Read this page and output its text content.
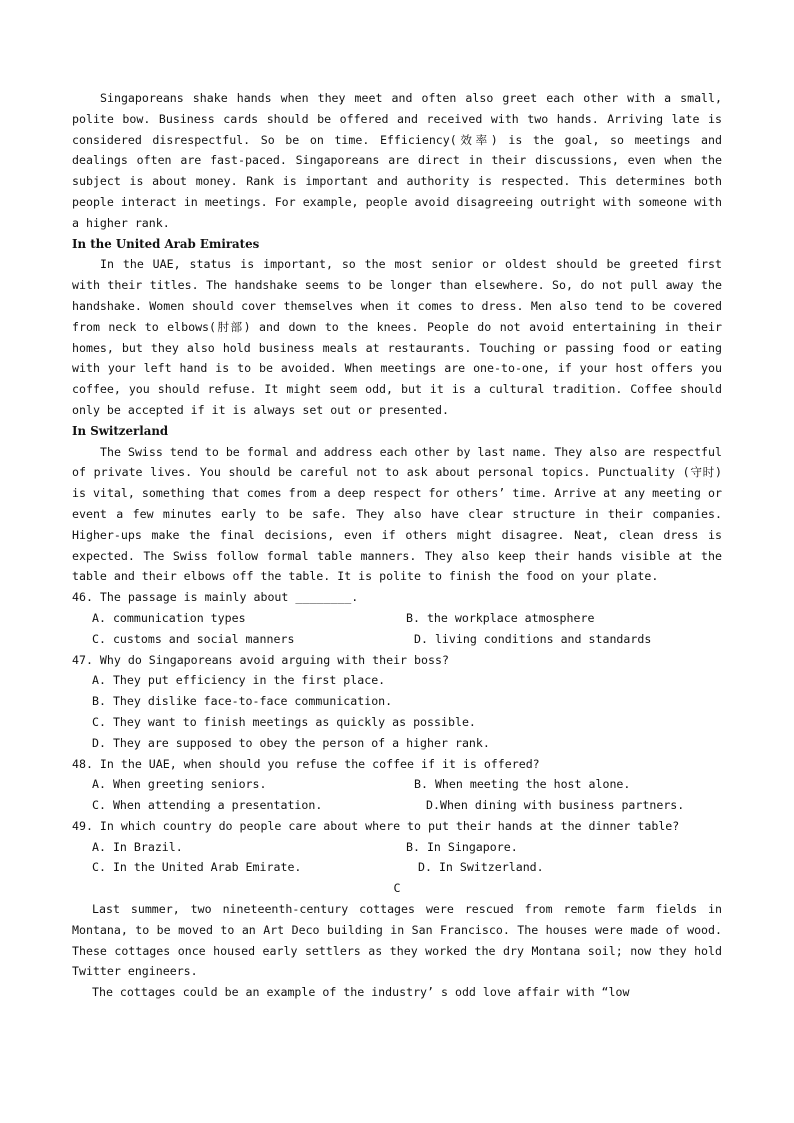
Singaporeans shake hands when they meet and often also greet each other with a small, polite bow. Business cards should be offered and received with two hands. Arriving late is considered disrespectful. So be on time. Efficiency(效率) is the goal, so meetings and dealings often are fast-paced. Singaporeans are direct in their discussions, even when the subject is about money. Rank is important and authority is respected. This determines both people interact in meetings. For example, people avoid disagreeing outright with someone with a higher rank.

In the United Arab Emirates

In the UAE, status is important, so the most senior or oldest should be greeted first with their titles. The handshake seems to be longer than elsewhere. So, do not pull away the handshake. Women should cover themselves when it comes to dress. Men also tend to be covered from neck to elbows(肘部) and down to the knees. People do not avoid entertaining in their homes, but they also hold business meals at restaurants. Touching or passing food or eating with your left hand is to be avoided. When meetings are one-to-one, if your host offers you coffee, you should refuse. It might seem odd, but it is a cultural tradition. Coffee should only be accepted if it is always set out or presented.

In Switzerland

The Swiss tend to be formal and address each other by last name. They also are respectful of private lives. You should be careful not to ask about personal topics. Punctuality (守时) is vital, something that comes from a deep respect for others’ time. Arrive at any meeting or event a few minutes early to be safe. They also have clear structure in their companies. Higher-ups make the final decisions, even if others might disagree. Neat, clean dress is expected. The Swiss follow formal table manners. They also keep their hands visible at the table and their elbows off the table. It is polite to finish the food on your plate.

46. The passage is mainly about ________.

A. communication types	B. the workplace atmosphere
C. customs and social manners	D. living conditions and standards

47. Why do Singaporeans avoid arguing with their boss?

A. They put efficiency in the first place.
B. They dislike face-to-face communication.
C. They want to finish meetings as quickly as possible.
D. They are supposed to obey the person of a higher rank.

48. In the UAE, when should you refuse the coffee if it is offered?

A. When greeting seniors.	B. When meeting the host alone.
C. When attending a presentation.	D.When dining with business partners.

49. In which country do people care about where to put their hands at the dinner table?

A. In Brazil.	B. In Singapore.
C. In the United Arab Emirate.	D. In Switzerland.

C

Last summer, two nineteenth-century cottages were rescued from remote farm fields in Montana, to be moved to an Art Deco building in San Francisco. The houses were made of wood. These cottages once housed early settlers as they worked the dry Montana soil; now they hold Twitter engineers.

The cottages could be an example of the industry’ s odd love affair with “low
